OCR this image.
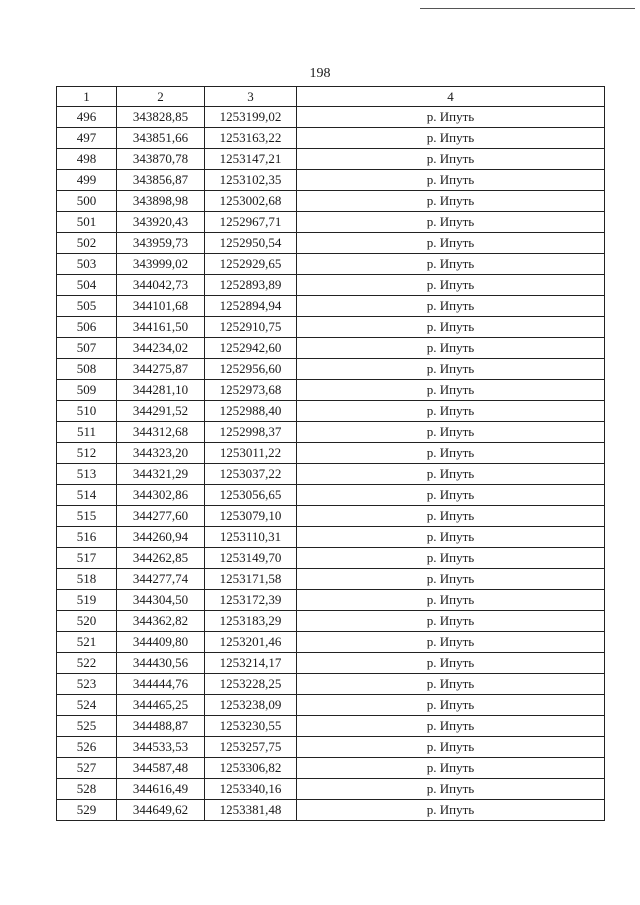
198
1	2	3	4
496	343828,85	1253199,02	р. Ипуть
497	343851,66	1253163,22	р. Ипуть
498	343870,78	1253147,21	р. Ипуть
499	343856,87	1253102,35	р. Ипуть
500	343898,98	1253002,68	р. Ипуть
501	343920,43	1252967,71	р. Ипуть
502	343959,73	1252950,54	р. Ипуть
503	343999,02	1252929,65	р. Ипуть
504	344042,73	1252893,89	р. Ипуть
505	344101,68	1252894,94	р. Ипуть
506	344161,50	1252910,75	р. Ипуть
507	344234,02	1252942,60	р. Ипуть
508	344275,87	1252956,60	р. Ипуть
509	344281,10	1252973,68	р. Ипуть
510	344291,52	1252988,40	р. Ипуть
511	344312,68	1252998,37	р. Ипуть
512	344323,20	1253011,22	р. Ипуть
513	344321,29	1253037,22	р. Ипуть
514	344302,86	1253056,65	р. Ипуть
515	344277,60	1253079,10	р. Ипуть
516	344260,94	1253110,31	р. Ипуть
517	344262,85	1253149,70	р. Ипуть
518	344277,74	1253171,58	р. Ипуть
519	344304,50	1253172,39	р. Ипуть
520	344362,82	1253183,29	р. Ипуть
521	344409,80	1253201,46	р. Ипуть
522	344430,56	1253214,17	р. Ипуть
523	344444,76	1253228,25	р. Ипуть
524	344465,25	1253238,09	р. Ипуть
525	344488,87	1253230,55	р. Ипуть
526	344533,53	1253257,75	р. Ипуть
527	344587,48	1253306,82	р. Ипуть
528	344616,49	1253340,16	р. Ипуть
529	344649,62	1253381,48	р. Ипуть
